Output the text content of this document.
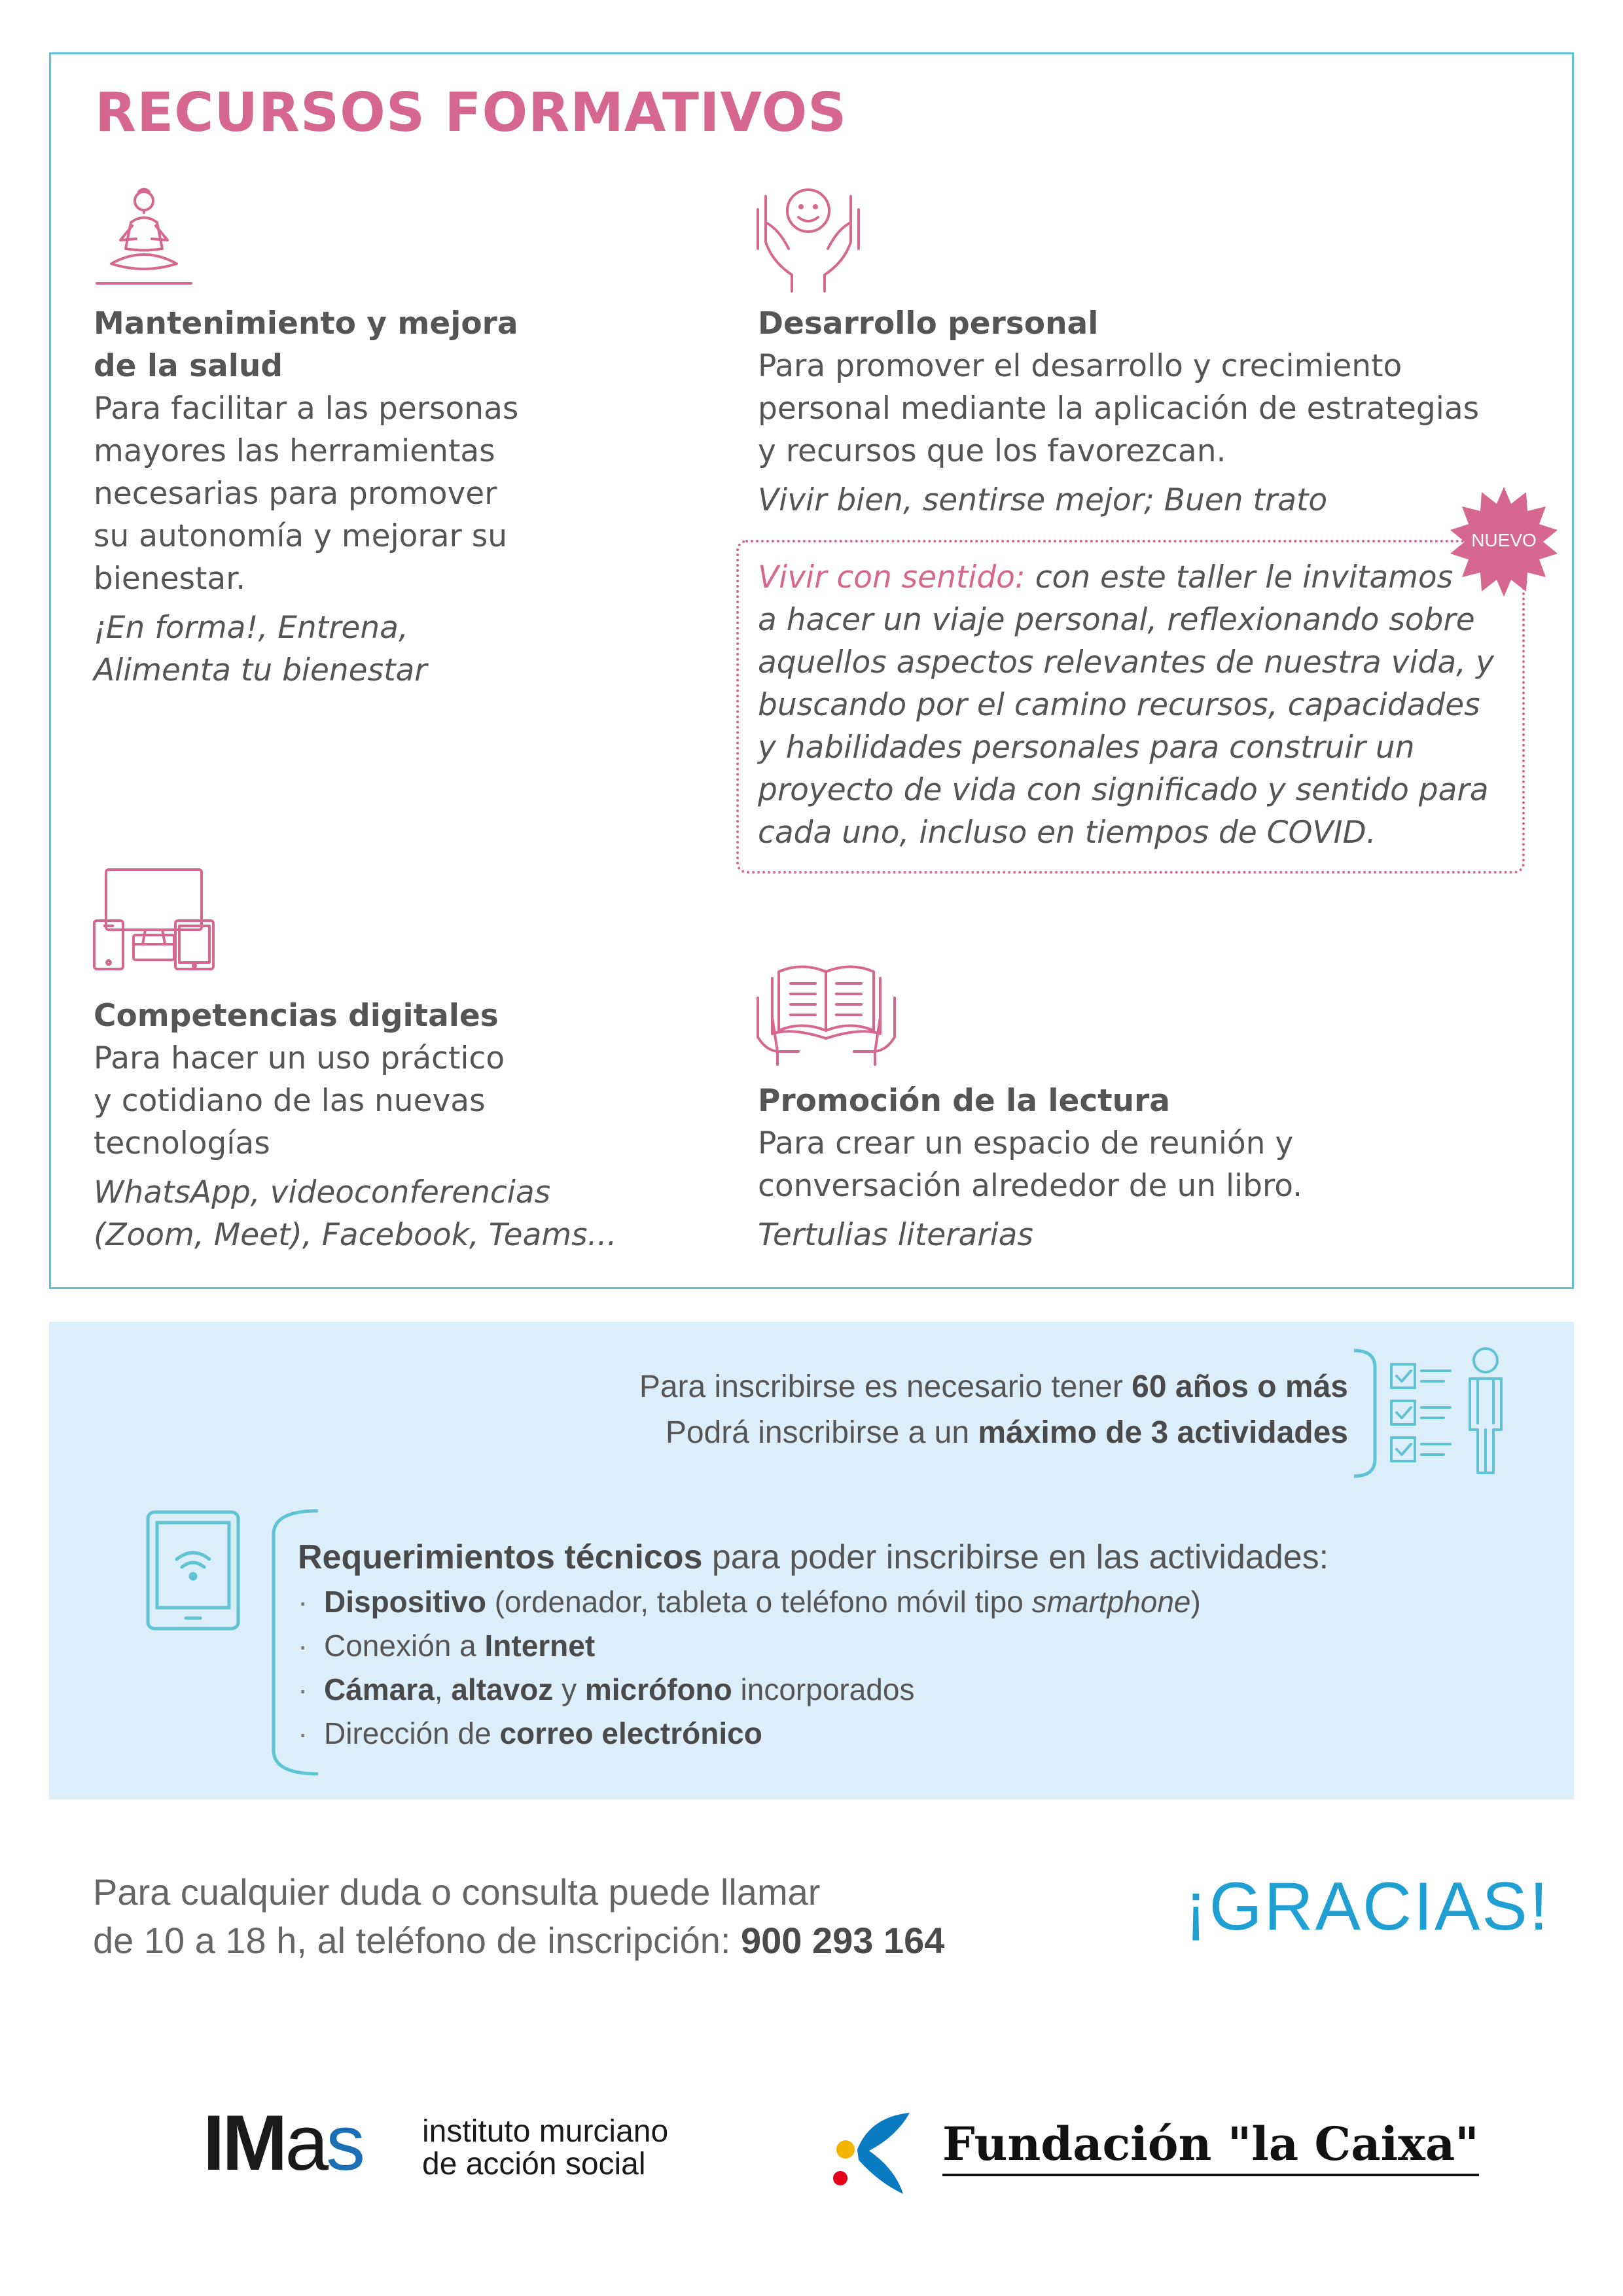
RECURSOS FORMATIVOS
Mantenimiento y mejora
de la salud
Para facilitar a las personas
mayores las herramientas
necesarias para promover
su autonomía y mejorar su
bienestar.
¡En forma!, Entrena,
Alimenta tu bienestar
Desarrollo personal
Para promover el desarrollo y crecimiento
personal mediante la aplicación de estrategias
y recursos que los favorezcan.
Vivir bien, sentirse mejor; Buen trato
Vivir con sentido: con este taller le invitamos
a hacer un viaje personal, reflexionando sobre
aquellos aspectos relevantes de nuestra vida, y
buscando por el camino recursos, capacidades
y habilidades personales para construir un
proyecto de vida con significado y sentido para
cada uno, incluso en tiempos de COVID.
NUEVO
Competencias digitales
Para hacer un uso práctico
y cotidiano de las nuevas
tecnologías
WhatsApp, videoconferencias
(Zoom, Meet), Facebook, Teams...
Promoción de la lectura
Para crear un espacio de reunión y
conversación alrededor de un libro.
Tertulias literarias
Para inscribirse es necesario tener 60 años o más
Podrá inscribirse a un máximo de 3 actividades
Requerimientos técnicos para poder inscribirse en las actividades:
· Dispositivo (ordenador, tableta o teléfono móvil tipo smartphone)
· Conexión a Internet
· Cámara, altavoz y micrófono incorporados
· Dirección de correo electrónico
Para cualquier duda o consulta puede llamar
de 10 a 18 h, al teléfono de inscripción: 900 293 164	¡GRACIAS!
IMas instituto murciano
de acción social	Fundación "la Caixa"
